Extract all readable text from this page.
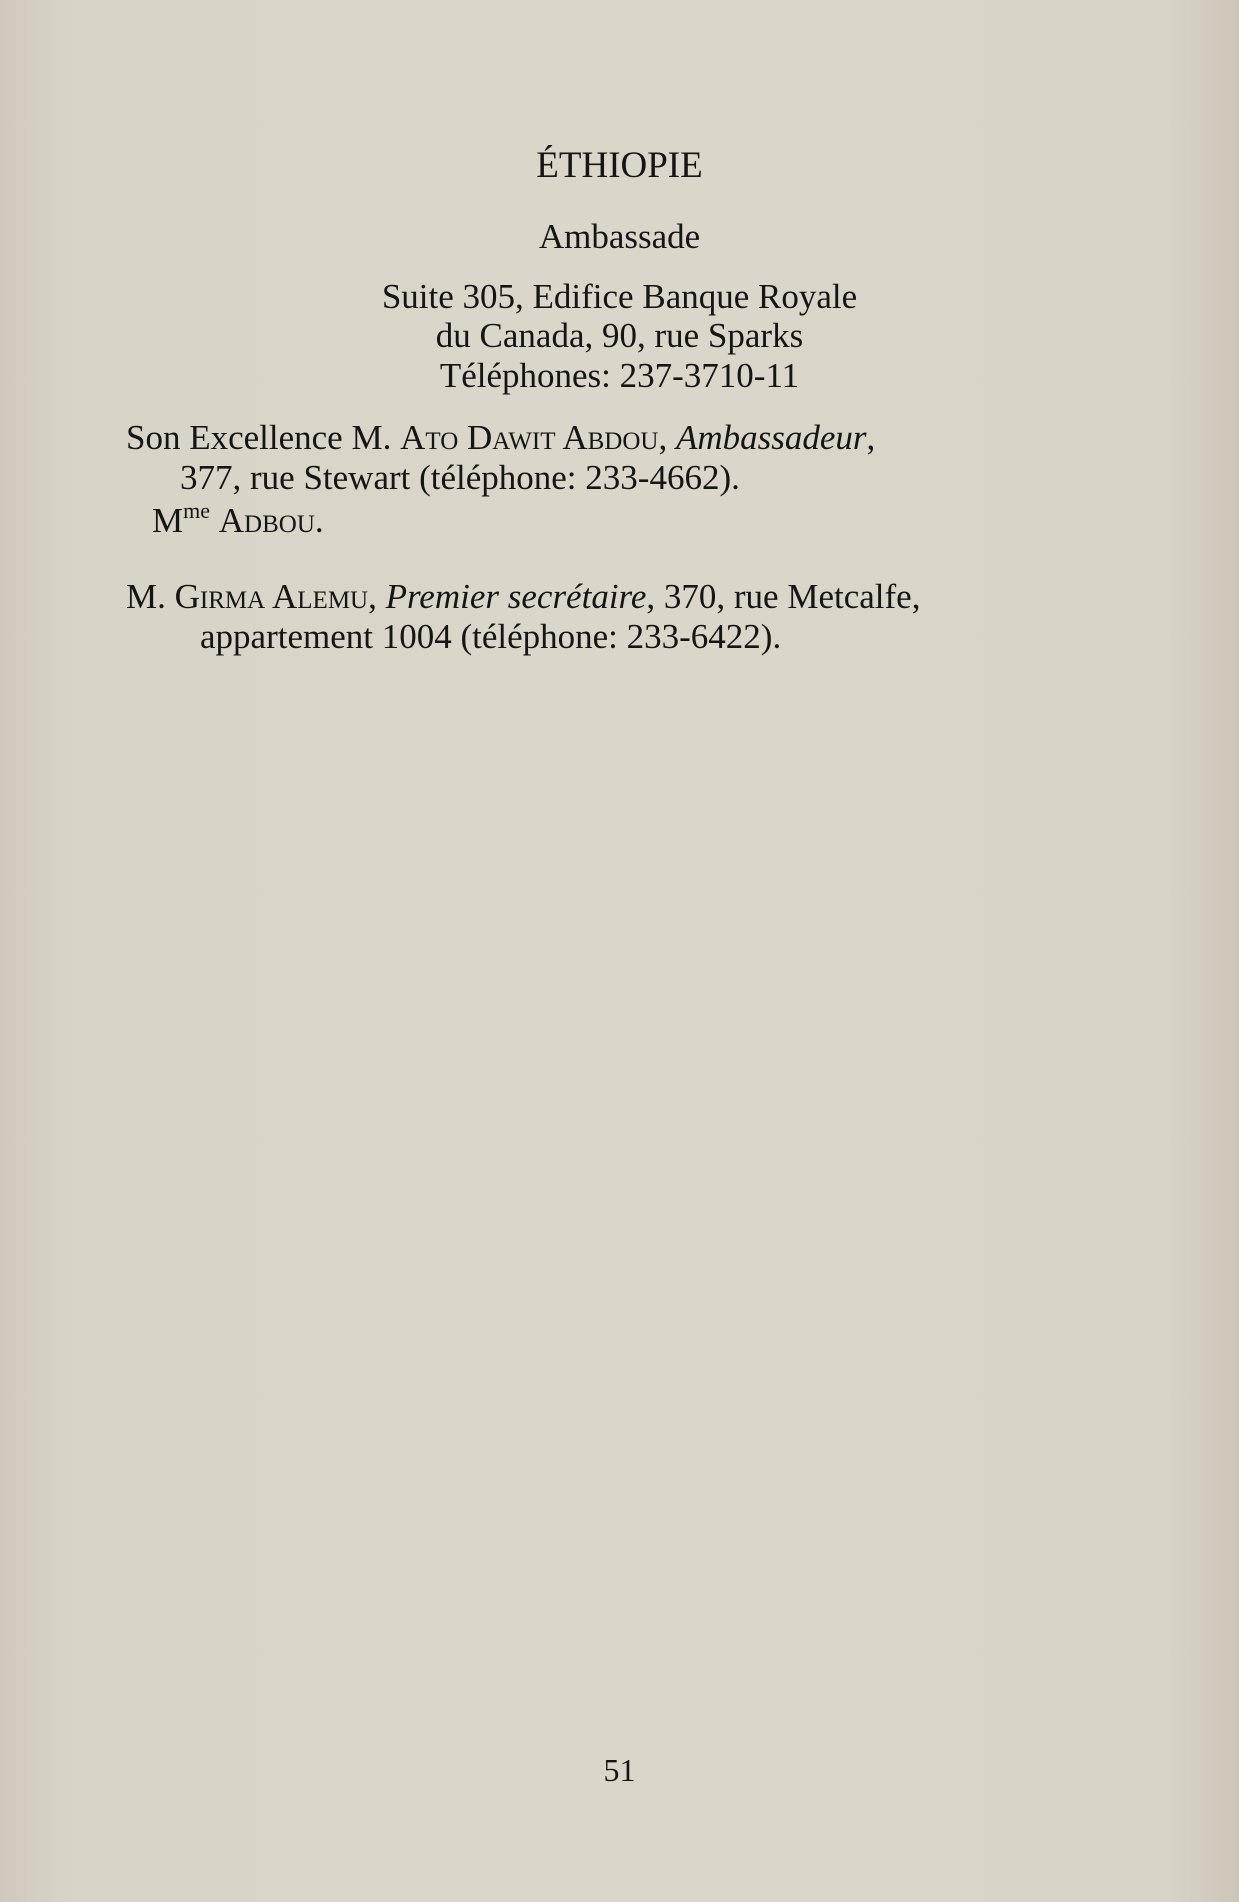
ÉTHIOPIE
Ambassade
Suite 305, Edifice Banque Royale
du Canada, 90, rue Sparks
Téléphones: 237-3710-11
Son Excellence M. Ato Dawit Abdou, Ambassadeur,
377, rue Stewart (téléphone: 233-4662).
$M^{me}$ Adbou.
M. Girma Alemu, Premier secrétaire, 370, rue Metcalfe,
appartement 1004 (téléphone: 233-6422).
51
